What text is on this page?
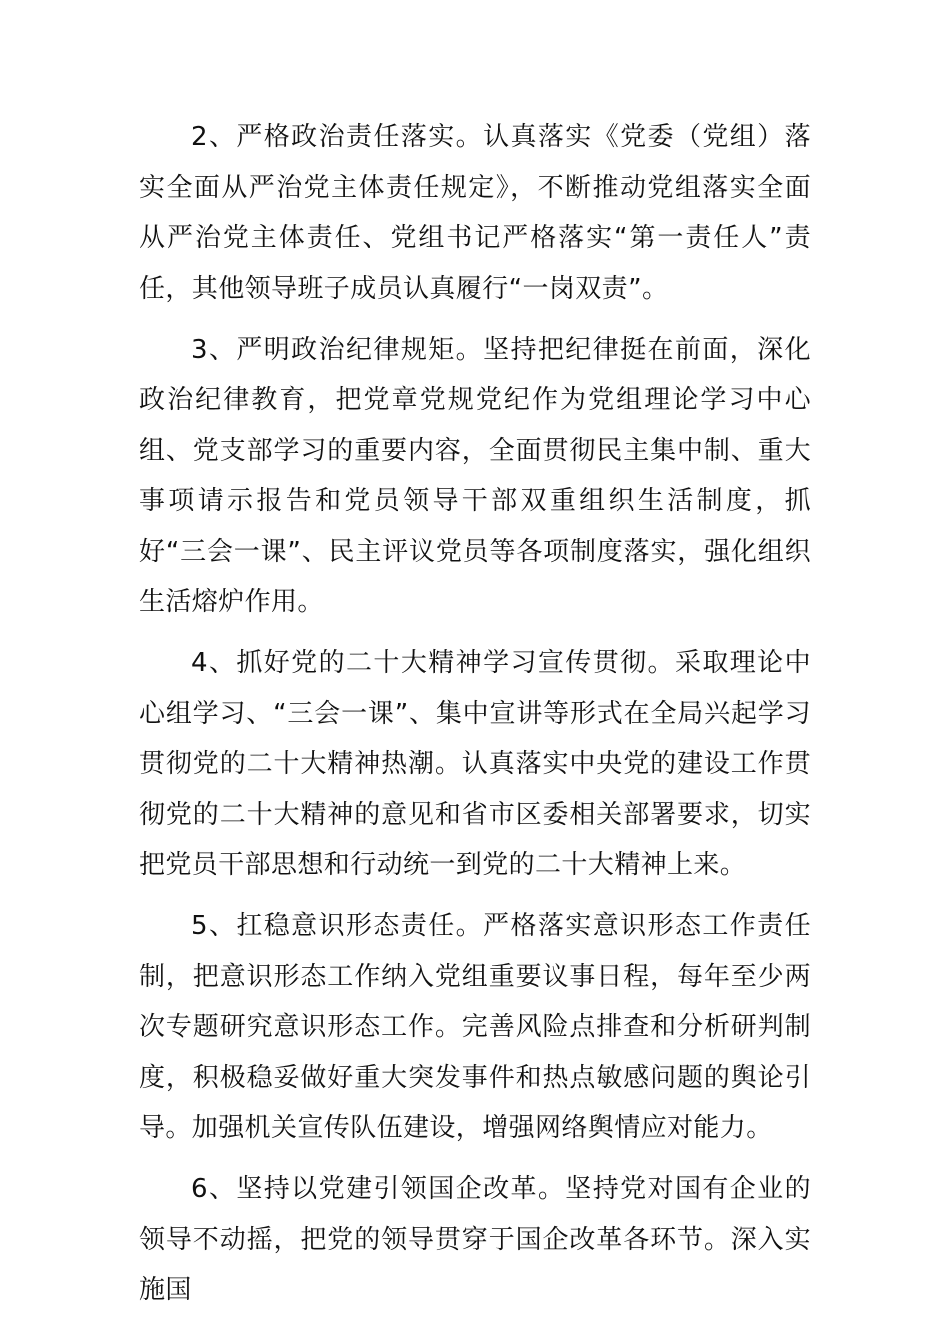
2、严格政治责任落实。认真落实《党委（党组）落实全面从严治党主体责任规定》，不断推动党组落实全面从严治党主体责任、党组书记严格落实“第一责任人”责任，其他领导班子成员认真履行“一岗双责”。

3、严明政治纪律规矩。坚持把纪律挺在前面，深化政治纪律教育，把党章党规党纪作为党组理论学习中心组、党支部学习的重要内容，全面贯彻民主集中制、重大事项请示报告和党员领导干部双重组织生活制度，抓好“三会一课”、民主评议党员等各项制度落实，强化组织生活熔炉作用。

4、抓好党的二十大精神学习宣传贯彻。采取理论中心组学习、“三会一课”、集中宣讲等形式在全局兴起学习贯彻党的二十大精神热潮。认真落实中央党的建设工作贯彻党的二十大精神的意见和省市区委相关部署要求，切实把党员干部思想和行动统一到党的二十大精神上来。

5、扛稳意识形态责任。严格落实意识形态工作责任制，把意识形态工作纳入党组重要议事日程，每年至少两次专题研究意识形态工作。完善风险点排查和分析研判制度，积极稳妥做好重大突发事件和热点敏感问题的舆论引导。加强机关宣传队伍建设，增强网络舆情应对能力。

6、坚持以党建引领国企改革。坚持党对国有企业的领导不动摇，把党的领导贯穿于国企改革各环节。深入实施国
